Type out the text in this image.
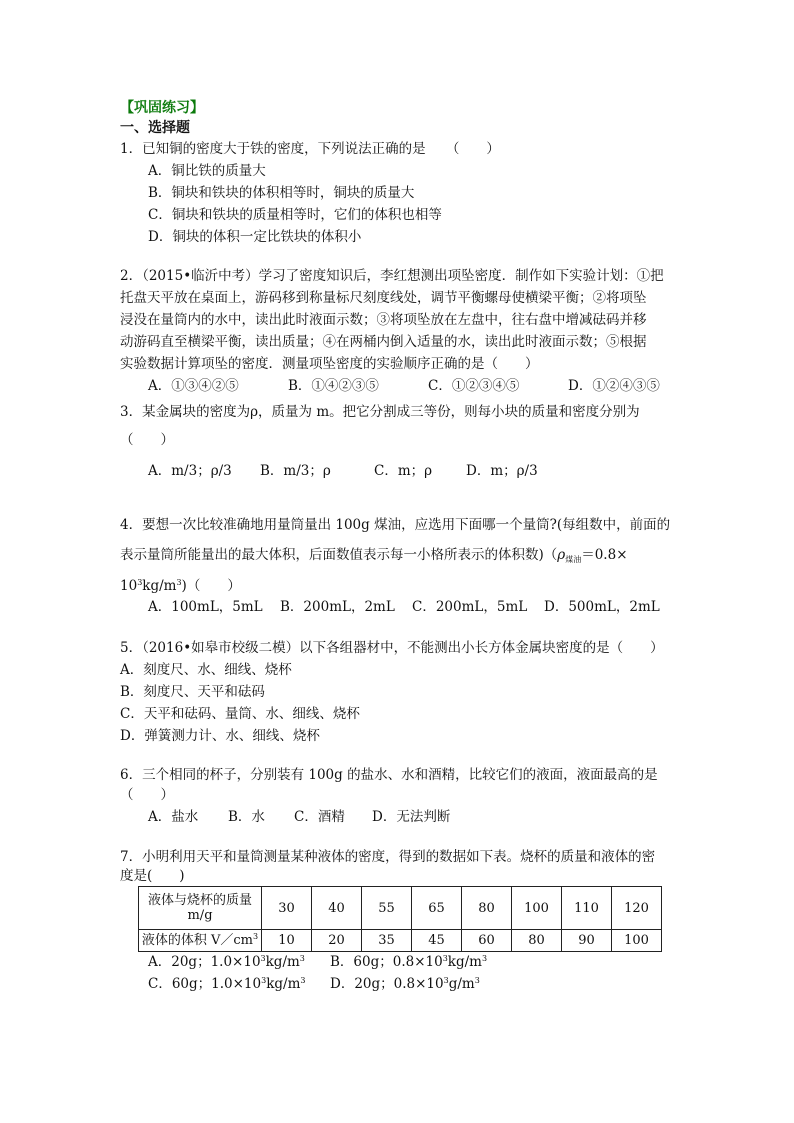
【巩固练习】
一、选择题
1．已知铜的密度大于铁的密度，下列说法正确的是　　（　　）
A．铜比铁的质量大
B．铜块和铁块的体积相等时，铜块的质量大
C．铜块和铁块的质量相等时，它们的体积也相等
D．铜块的体积一定比铁块的体积小
2．（2015•临沂中考）学习了密度知识后，李红想测出项坠密度．制作如下实验计划：①把
托盘天平放在桌面上，游码移到称量标尺刻度线处，调节平衡螺母使横梁平衡；②将项坠
浸没在量筒内的水中，读出此时液面示数；③将项坠放在左盘中，往右盘中增减砝码并移
动游码直至横梁平衡，读出质量；④在两桶内倒入适量的水，读出此时液面示数；⑤根据
实验数据计算项坠的密度．测量项坠密度的实验顺序正确的是（　　）
A．①③④②⑤	B．①④②③⑤	C．①②③④⑤	D．①②④③⑤
3．某金属块的密度为ρ，质量为 m。把它分割成三等份，则每小块的质量和密度分别为
（　　）
A．m/3；ρ/3 B．m/3；ρ	C．m；ρ	D．m；ρ/3
4．要想一次比较准确地用量筒量出 100g 煤油，应选用下面哪一个量筒?(每组数中，前面的
表示量筒所能量出的最大体积，后面数值表示每一小格所表示的体积数)（$\rho_{煤油}=0.8\times$
$10^3kg/m^3$)（　　）
A．100mL，5mL B．200mL，2mL C．200mL，5mL D．500mL，2mL
5．（2016•如皋市校级二模）以下各组器材中，不能测出小长方体金属块密度的是（　　）
A．刻度尺、水、细线、烧杯
B．刻度尺、天平和砝码
C．天平和砝码、量筒、水、细线、烧杯
D．弹簧测力计、水、细线、烧杯
6．三个相同的杯子，分别装有 100g 的盐水、水和酒精，比较它们的液面，液面最高的是
（　　）
A．盐水 B．水 C．酒精 D．无法判断
7．小明利用天平和量筒测量某种液体的密度，得到的数据如下表。烧杯的质量和液体的密
度是(　　)
液体与烧杯的质量
m/g	30	40	55	65	80	100	110	120
液体的体积 $V/cm^3$	10	20	35	45	60	80	90	100
A．20g；$1.0\times 10^3kg/m^3$ B．60g；$0.8\times 10^3kg/m^3$
C．60g；$1.0\times 10^3kg/m^3$ D．20g；$0.8\times 10^3g/m^3$
